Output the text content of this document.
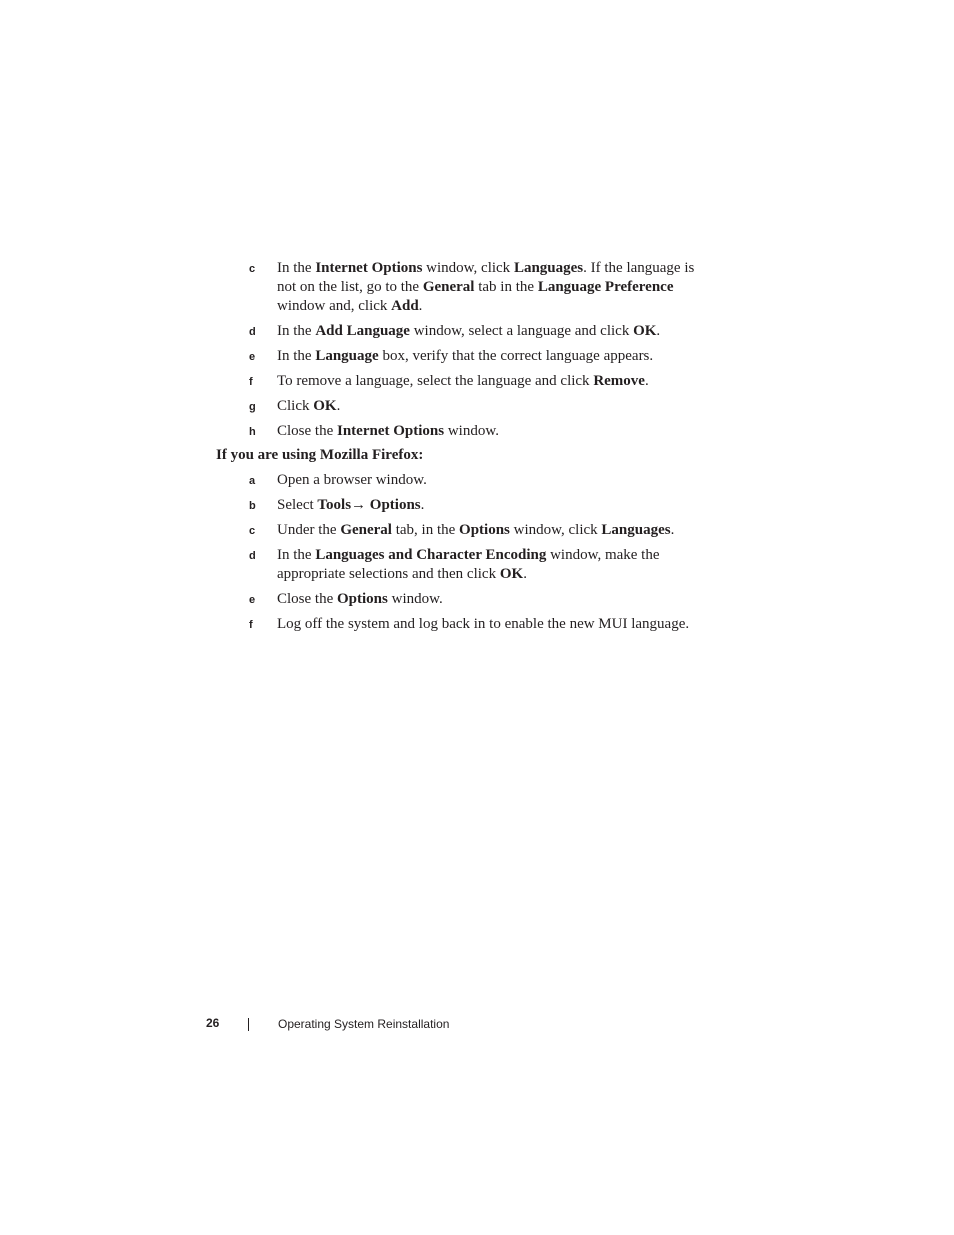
c	In the Internet Options window, click Languages. If the language is not on the list, go to the General tab in the Language Preference window and, click Add.
d	In the Add Language window, select a language and click OK.
e	In the Language box, verify that the correct language appears.
f	To remove a language, select the language and click Remove.
g	Click OK.
h	Close the Internet Options window.
If you are using Mozilla Firefox:
a	Open a browser window.
b	Select Tools→ Options.
c	Under the General tab, in the Options window, click Languages.
d	In the Languages and Character Encoding window, make the appropriate selections and then click OK.
e	Close the Options window.
f	Log off the system and log back in to enable the new MUI language.
26	Operating System Reinstallation
